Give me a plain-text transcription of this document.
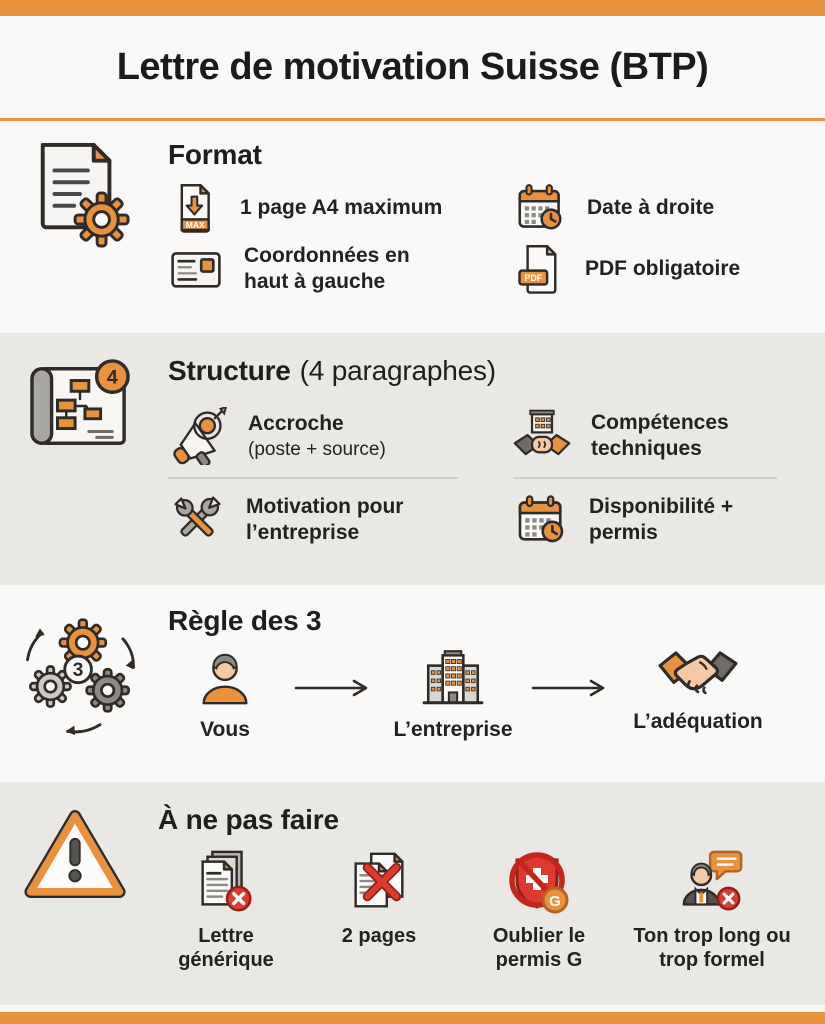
Lettre de motivation Suisse (BTP)
Format
MAX
1 page A4 maximum	Date à droite
Coordonnées en haut à gauche	PDF PDF obligatoire
4 Structure (4 paragraphes)
Accroche
(poste + source)
Compétences techniques
Motivation pour l’entreprise
Disponibilité + permis
3
Règle des 3
Vous	L’entreprise	L’adéquation
À ne pas faire
Lettre générique
2 pages
G
Oublier le permis G
Ton trop long ou trop formel
